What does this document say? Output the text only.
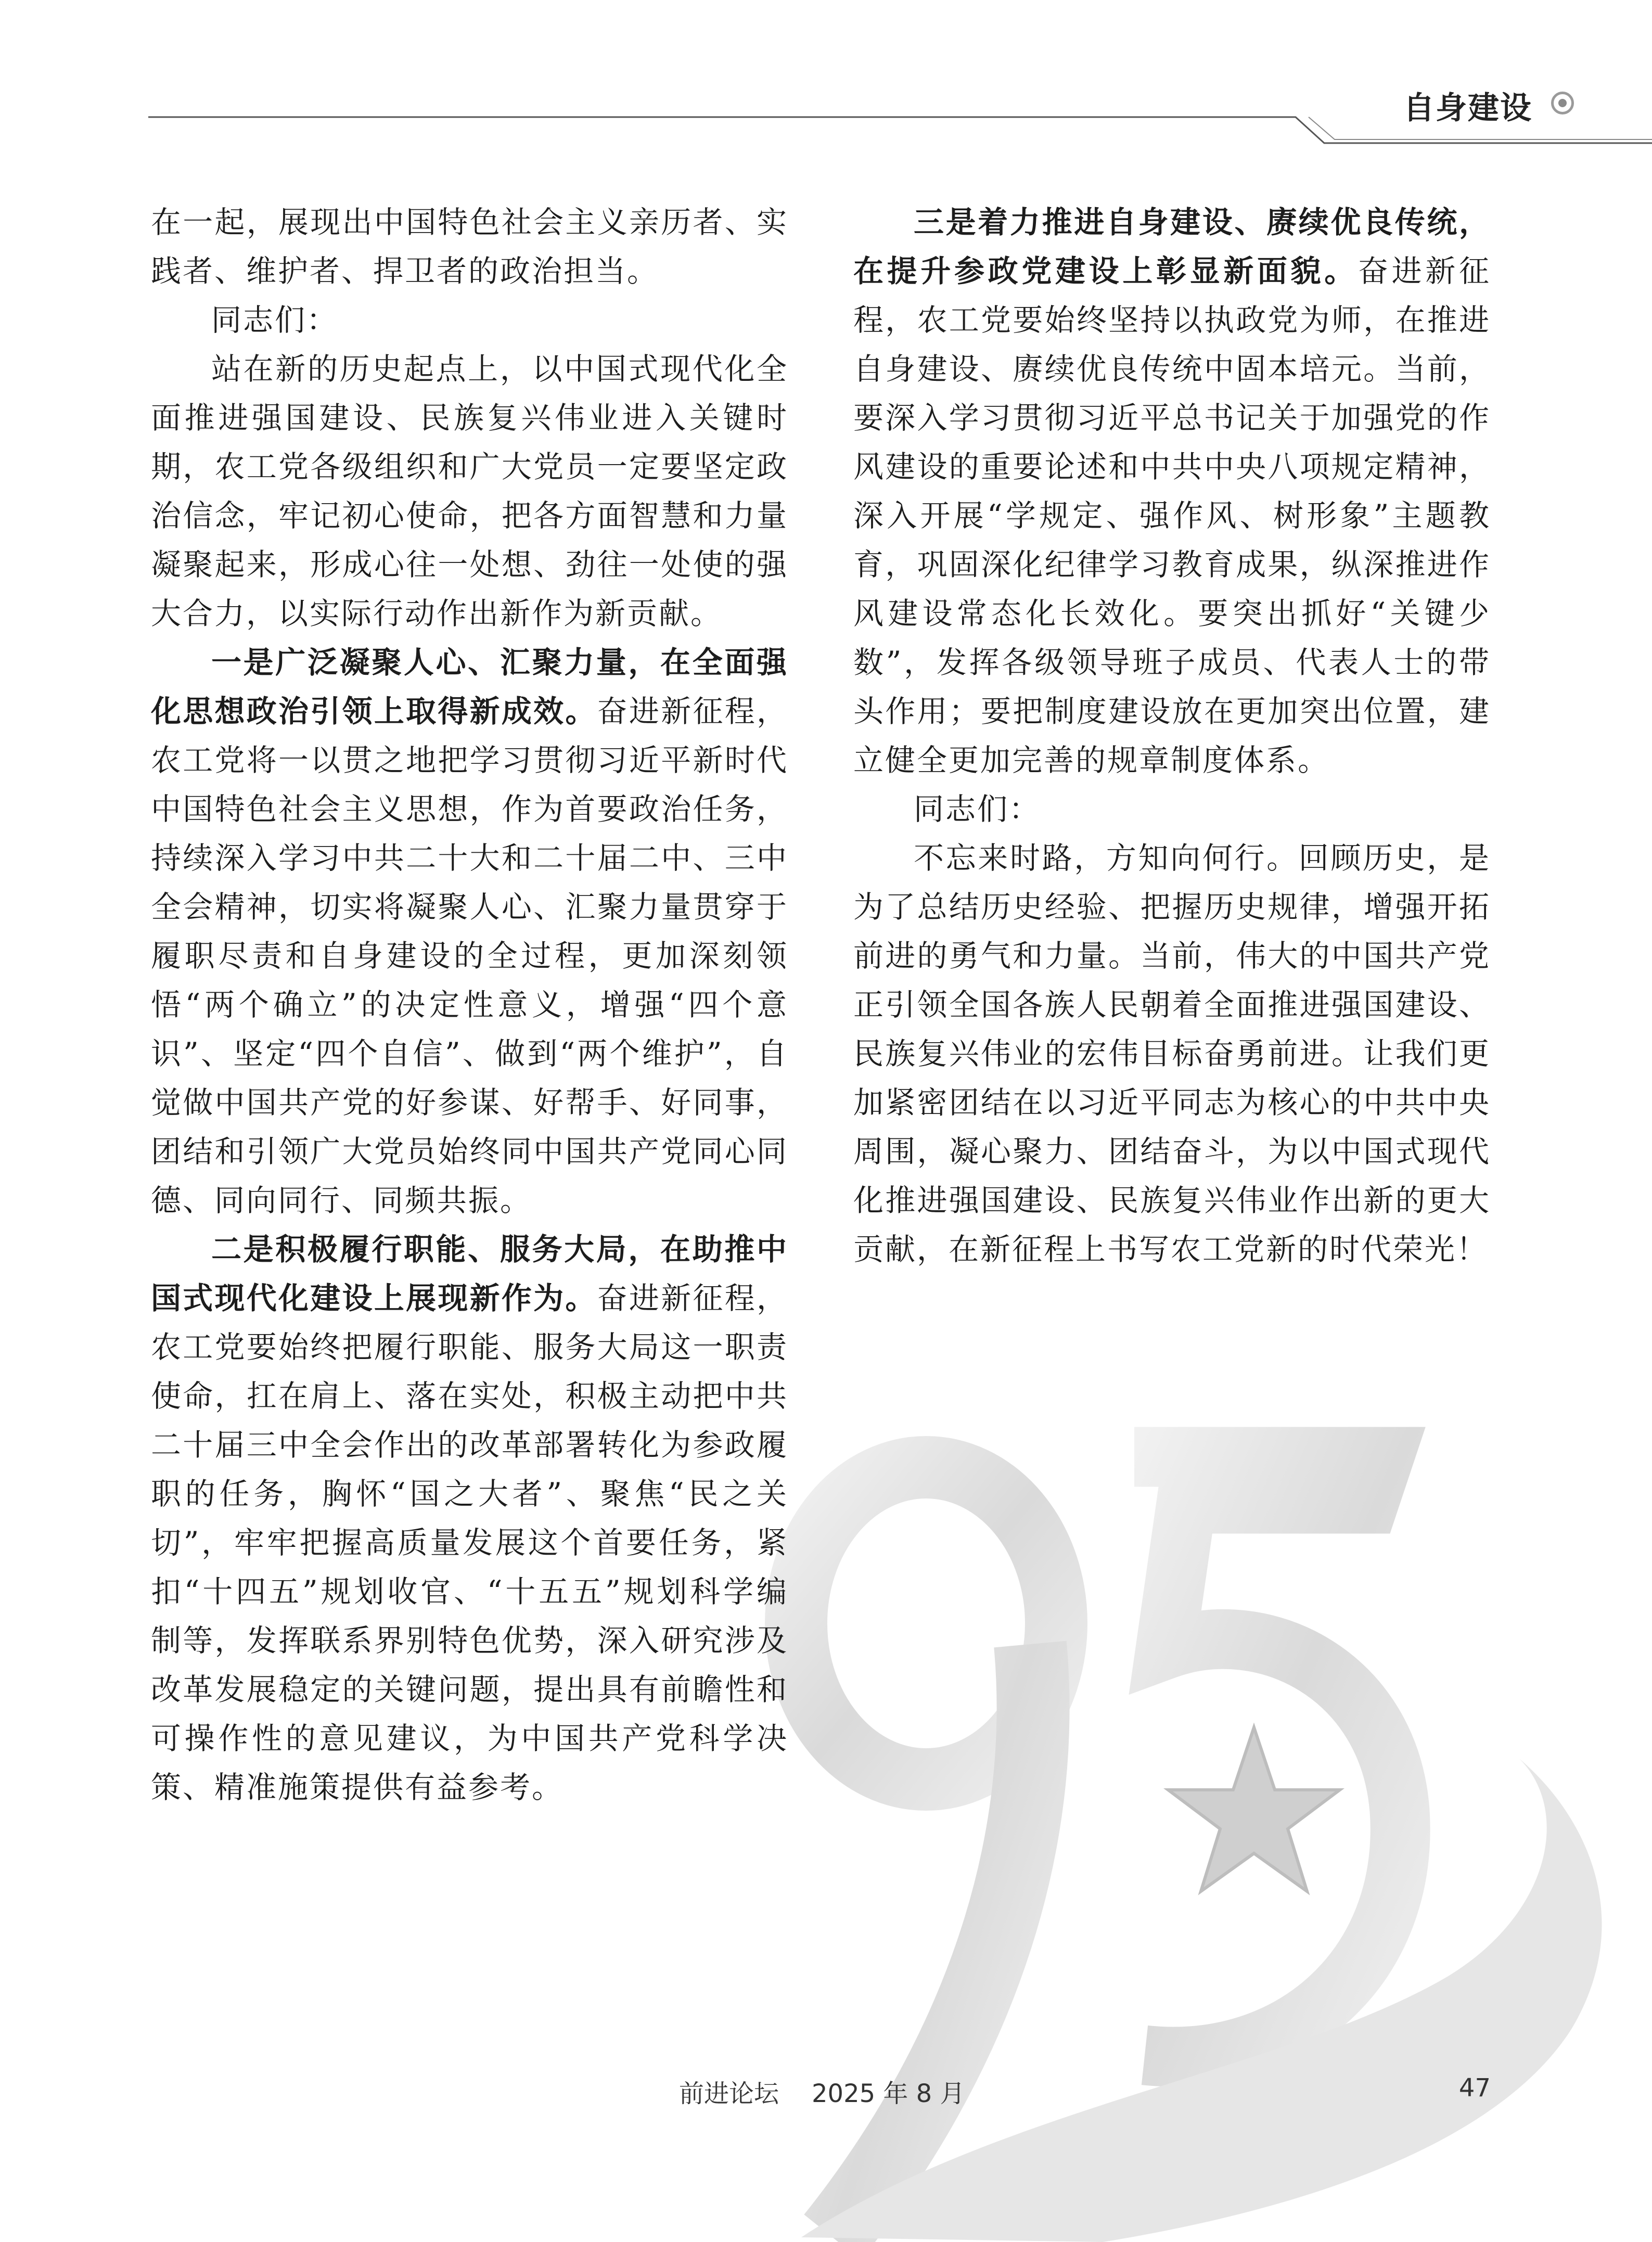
自身建设

在一起，展现出中国特色社会主义亲历者、实践者、维护者、捍卫者的政治担当。

同志们：

站在新的历史起点上，以中国式现代化全面推进强国建设、民族复兴伟业进入关键时期，农工党各级组织和广大党员一定要坚定政治信念，牢记初心使命，把各方面智慧和力量凝聚起来，形成心往一处想、劲往一处使的强大合力，以实际行动作出新作为新贡献。

一是广泛凝聚人心、汇聚力量，在全面强化思想政治引领上取得新成效。奋进新征程，农工党将一以贯之地把学习贯彻习近平新时代中国特色社会主义思想，作为首要政治任务，持续深入学习中共二十大和二十届二中、三中全会精神，切实将凝聚人心、汇聚力量贯穿于履职尽责和自身建设的全过程，更加深刻领悟“两个确立”的决定性意义，增强“四个意识”、坚定“四个自信”、做到“两个维护”，自觉做中国共产党的好参谋、好帮手、好同事，团结和引领广大党员始终同中国共产党同心同德、同向同行、同频共振。

二是积极履行职能、服务大局，在助推中国式现代化建设上展现新作为。奋进新征程，农工党要始终把履行职能、服务大局这一职责使命，扛在肩上、落在实处，积极主动把中共二十届三中全会作出的改革部署转化为参政履职的任务，胸怀“国之大者”、聚焦“民之关切”，牢牢把握高质量发展这个首要任务，紧扣“十四五”规划收官、“十五五”规划科学编制等，发挥联系界别特色优势，深入研究涉及改革发展稳定的关键问题，提出具有前瞻性和可操作性的意见建议，为中国共产党科学决策、精准施策提供有益参考。

三是着力推进自身建设、赓续优良传统，在提升参政党建设上彰显新面貌。奋进新征程，农工党要始终坚持以执政党为师，在推进自身建设、赓续优良传统中固本培元。当前，要深入学习贯彻习近平总书记关于加强党的作风建设的重要论述和中共中央八项规定精神，深入开展“学规定、强作风、树形象”主题教育，巩固深化纪律学习教育成果，纵深推进作风建设常态化长效化。要突出抓好“关键少数”，发挥各级领导班子成员、代表人士的带头作用；要把制度建设放在更加突出位置，建立健全更加完善的规章制度体系。

同志们：

不忘来时路，方知向何行。回顾历史，是为了总结历史经验、把握历史规律，增强开拓前进的勇气和力量。当前，伟大的中国共产党正引领全国各族人民朝着全面推进强国建设、民族复兴伟业的宏伟目标奋勇前进。让我们更加紧密团结在以习近平同志为核心的中共中央周围，凝心聚力、团结奋斗，为以中国式现代化推进强国建设、民族复兴伟业作出新的更大贡献，在新征程上书写农工党新的时代荣光！

前进论坛 2025 年 8 月	47
